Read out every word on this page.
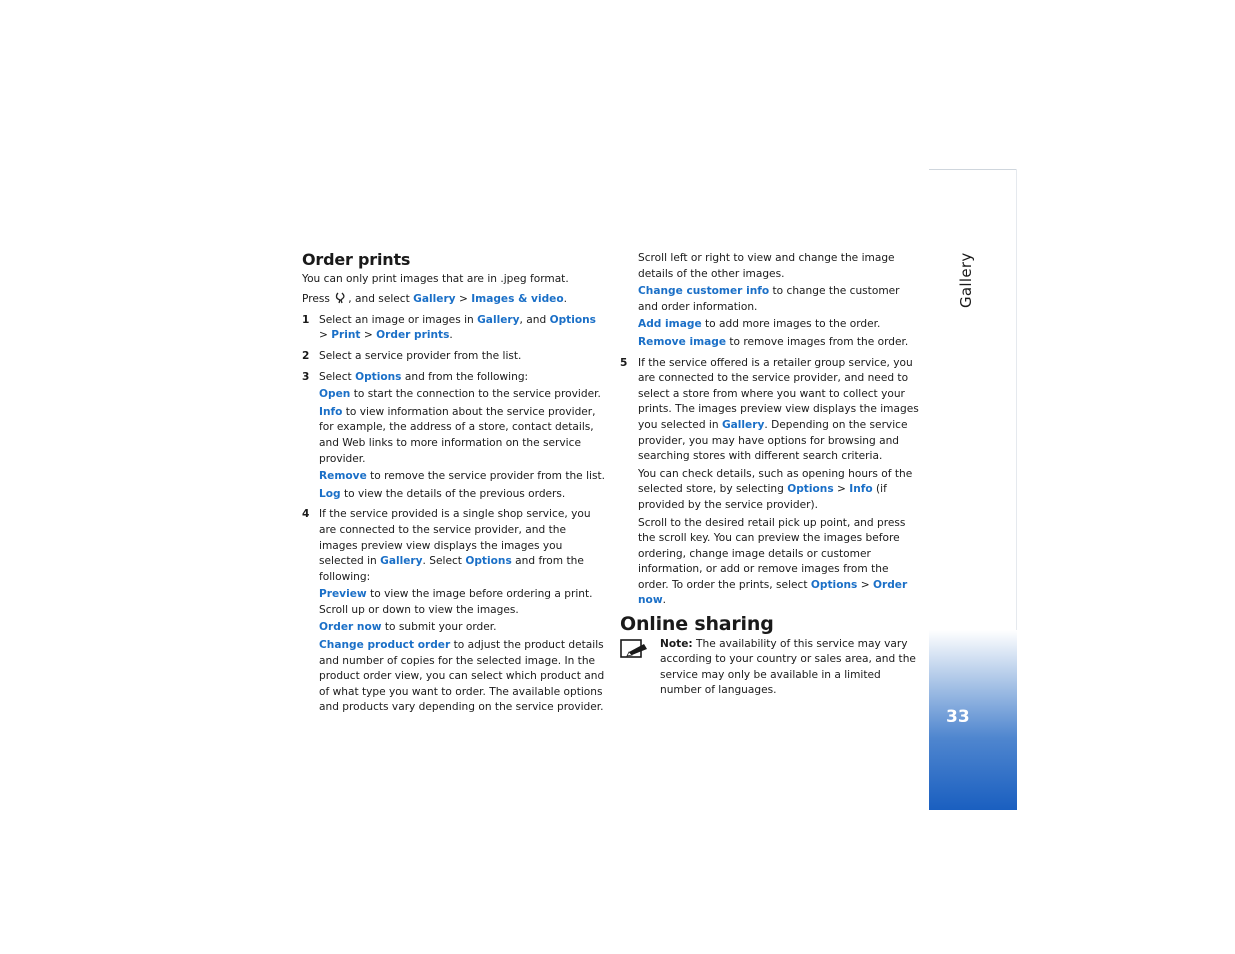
Gallery
33
Order prints

You can only print images that are in .jpeg format.

Press , and select Gallery > Images & video.

1 Select an image or images in Gallery, and Options > Print > Order prints.
2 Select a service provider from the list.
3 Select Options and from the following:

Open to start the connection to the service provider.

Info to view information about the service provider, for example, the address of a store, contact details, and Web links to more information on the service provider.

Remove to remove the service provider from the list.

Log to view the details of the previous orders.

4 If the service provided is a single shop service, you are connected to the service provider, and the images preview view displays the images you selected in Gallery. Select Options and from the following:

Preview to view the image before ordering a print. Scroll up or down to view the images.

Order now to submit your order.

Change product order to adjust the product details and number of copies for the selected image. In the product order view, you can select which product and of what type you want to order. The available options and products vary depending on the service provider.

Scroll left or right to view and change the image details of the other images.

Change customer info to change the customer and order information.

Add image to add more images to the order.

Remove image to remove images from the order.

5 If the service offered is a retailer group service, you are connected to the service provider, and need to select a store from where you want to collect your prints. The images preview view displays the images you selected in Gallery. Depending on the service provider, you may have options for browsing and searching stores with different search criteria.

You can check details, such as opening hours of the selected store, by selecting Options > Info (if provided by the service provider).

Scroll to the desired retail pick up point, and press the scroll key. You can preview the images before ordering, change image details or customer information, or add or remove images from the order. To order the prints, select Options > Order now.

Online sharing

Note: The availability of this service may vary according to your country or sales area, and the service may only be available in a limited number of languages.
